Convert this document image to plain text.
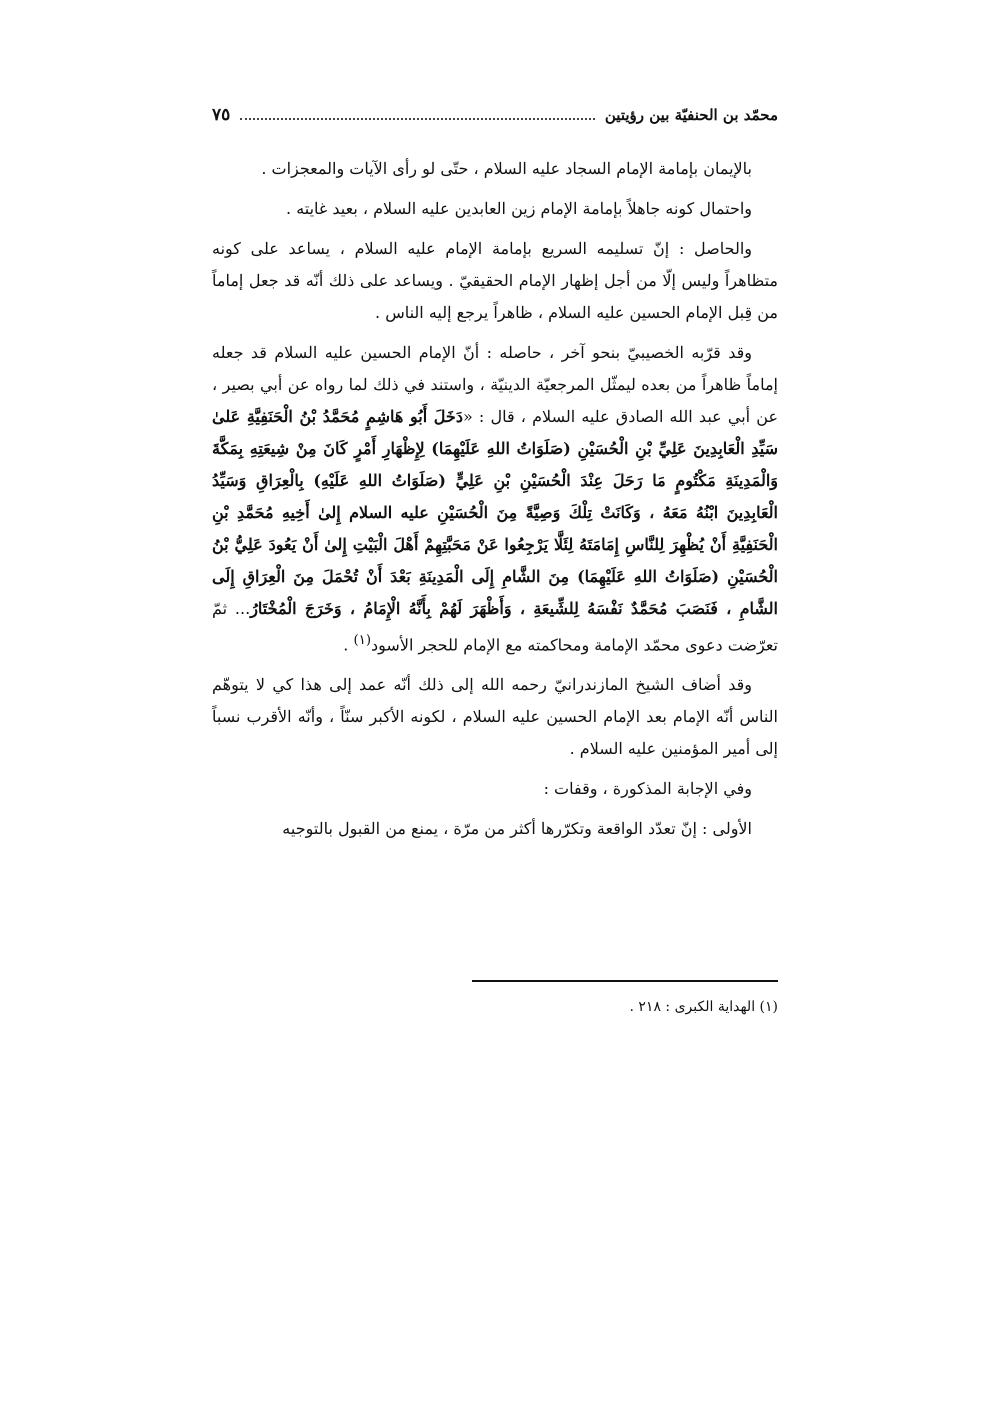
محمّد بن الحنفيّة بين رؤيتين
٧٥

بالإيمان بإمامة الإمام السجاد عليه السلام ، حتّى لو رأى الآيات والمعجزات .

واحتمال كونه جاهلاً بإمامة الإمام زين العابدين عليه السلام ، بعيد غايته .

والحاصل : إنّ تسليمه السريع بإمامة الإمام عليه السلام ، يساعد على كونه متظاهراً وليس إلّا من أجل إظهار الإمام الحقيقيّ . ويساعد على ذلك أنّه قد جعل إماماً من قِبل الإمام الحسين عليه السلام ، ظاهراً يرجع إليه الناس .

وقد قرّبه الخصيبيّ بنحو آخر ، حاصله : أنّ الإمام الحسين عليه السلام قد جعله إماماً ظاهراً من بعده ليمثّل المرجعيّة الدينيّة ، واستند في ذلك لما رواه عن أبي بصير ، عن أبي عبد الله الصادق عليه السلام ، قال : «دَخَلَ أَبُو هَاشِمٍ مُحَمَّدُ بْنُ الْحَنَفِيَّةِ عَلىٰ سَيِّدِ الْعَابِدِينَ عَلِيِّ بْنِ الْحُسَيْنِ (صَلَوَاتُ اللهِ عَلَيْهِمَا) لِإِظْهَارِ أَمْرٍ كَانَ مِنْ شِيعَتِهِ بِمَكَّةَ وَالْمَدِينَةِ مَكْتُومٍ مَا رَحَلَ عِنْدَ الْحُسَيْنِ بْنِ عَلِيٍّ (صَلَوَاتُ اللهِ عَلَيْهِ) بِالْعِرَاقِ وَسَيِّدُ الْعَابِدِينَ ابْنُهُ مَعَهُ ، وَكَانَتْ تِلْكَ وَصِيَّةً مِنَ الْحُسَيْنِ عليه السلام إِلىٰ أَخِيهِ مُحَمَّدِ بْنِ الْحَنَفِيَّةِ أَنْ يُظْهِرَ لِلنَّاسِ إِمَامَتَهُ لِئَلَّا يَرْجِعُوا عَنْ مَحَبَّتِهِمْ أَهْلَ الْبَيْتِ إِلىٰ أَنْ يَعُودَ عَلِيُّ بْنُ الْحُسَيْنِ (صَلَوَاتُ اللهِ عَلَيْهِمَا) مِنَ الشَّامِ إِلَى الْمَدِينَةِ بَعْدَ أَنْ تُحْمَلَ مِنَ الْعِرَاقِ إِلَى الشَّامِ ، فَنَصَبَ مُحَمَّدٌ نَفْسَهُ لِلشِّيعَةِ ، وَأَظْهَرَ لَهُمْ بِأَنَّهُ الْإِمَامُ ، وَخَرَجَ الْمُخْتَارُ... ثمّ تعرّضت دعوى محمّد الإمامة ومحاكمته مع الإمام للحجر الأسود$^{(١)}$ .

وقد أضاف الشيخ المازندرانيّ رحمه الله إلى ذلك أنّه عمد إلى هذا كي لا يتوهّم الناس أنّه الإمام بعد الإمام الحسين عليه السلام ، لكونه الأكبر سنّاً ، وأنّه الأقرب نسباً إلى أمير المؤمنين عليه السلام .

وفي الإجابة المذكورة ، وقفات :

الأولى : إنّ تعدّد الواقعة وتكرّرها أكثر من مرّة ، يمنع من القبول بالتوجيه

(١) الهداية الكبرى : ٢١٨ .
